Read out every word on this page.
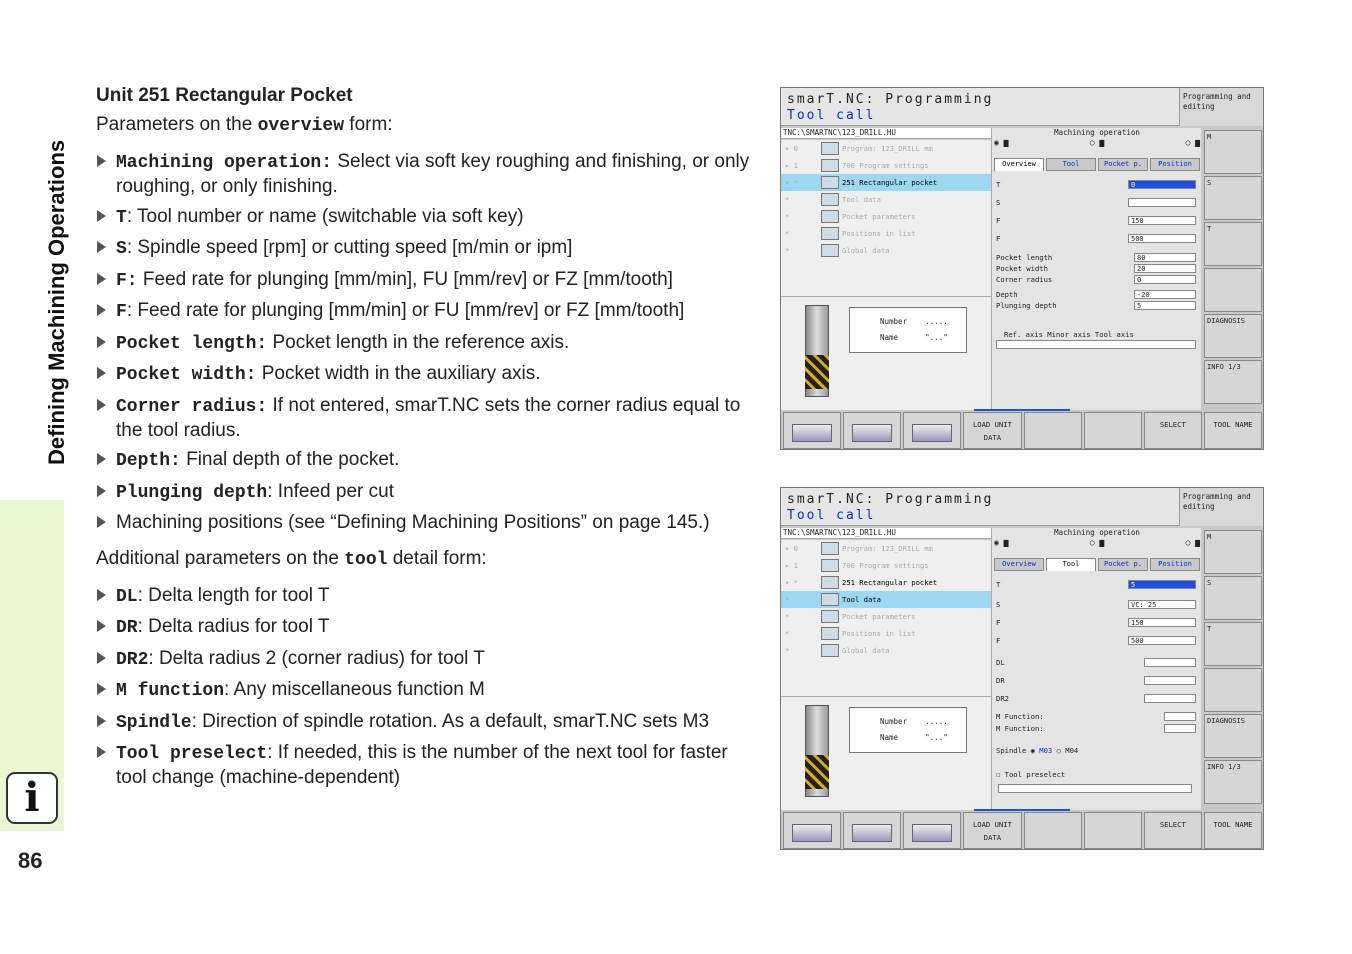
Defining Machining Operations
i
86
Unit 251 Rectangular Pocket
Parameters on the overview form:
Machining operation: Select via soft key roughing and finishing, or only roughing, or only finishing.
T: Tool number or name (switchable via soft key)
S: Spindle speed [rpm] or cutting speed [m/min or ipm]
F: Feed rate for plunging [mm/min], FU [mm/rev] or FZ [mm/tooth]
F: Feed rate for plunging [mm/min] or FU [mm/rev] or FZ [mm/tooth]
Pocket length: Pocket length in the reference axis.
Pocket width: Pocket width in the auxiliary axis.
Corner radius: If not entered, smarT.NC sets the corner radius equal to the tool radius.
Depth: Final depth of the pocket.
Plunging depth: Infeed per cut
Machining positions (see “Defining Machining Positions” on page 145.)
Additional parameters on the tool detail form:
DL: Delta length for tool T
DR: Delta radius for tool T
DR2: Delta radius 2 (corner radius) for tool T
M function: Any miscellaneous function M
Spindle: Direction of spindle rotation. As a default, smarT.NC sets M3
Tool preselect: If needed, this is the number of the next tool for faster tool change (machine-dependent)
smarT.NC: Programming
Tool call
Programming and editing
TNC:\SMARTNC\123_DRILL.HU
▾ 0	Program: 123_DRILL mm
▸ 1	700 Program settings
▾ *	251 Rectangular pocket
*	Tool data
*	Pocket parameters
*	Positions in list
*	Global data
Number .....
Name	"..."
Machining operation
◉ ▆	○ ▆	○ ▆
Overview	Tool	Pocket p.	Position
T	0
S
F	150
F	500
Pocket length	80
Pocket width	20
Corner radius	0
Depth	-20
Plunging depth	5
Ref. axis Minor axis Tool axis
M
S
T
DIAGNOSIS
INFO 1/3
LOAD UNIT DATA
SELECT	TOOL NAME
smarT.NC: Programming
Tool call
Programming and editing
TNC:\SMARTNC\123_DRILL.HU
▾ 0	Program: 123_DRILL mm
▸ 1	700 Program settings
▾ *	251 Rectangular pocket
*	Tool data
*	Pocket parameters
*	Positions in list
*	Global data
Number .....
Name	"..."
Machining operation
◉ ▆	○ ▆	○ ▆
Overview	Tool	Pocket p.	Position
T	5
S	VC: 25
F	150
F	500
DL
DR
DR2
M Function:
M Function:
Spindle ◉ M03 ○ M04
☐ Tool preselect
M
S
T
DIAGNOSIS
INFO 1/3
LOAD UNIT DATA
SELECT	TOOL NAME
